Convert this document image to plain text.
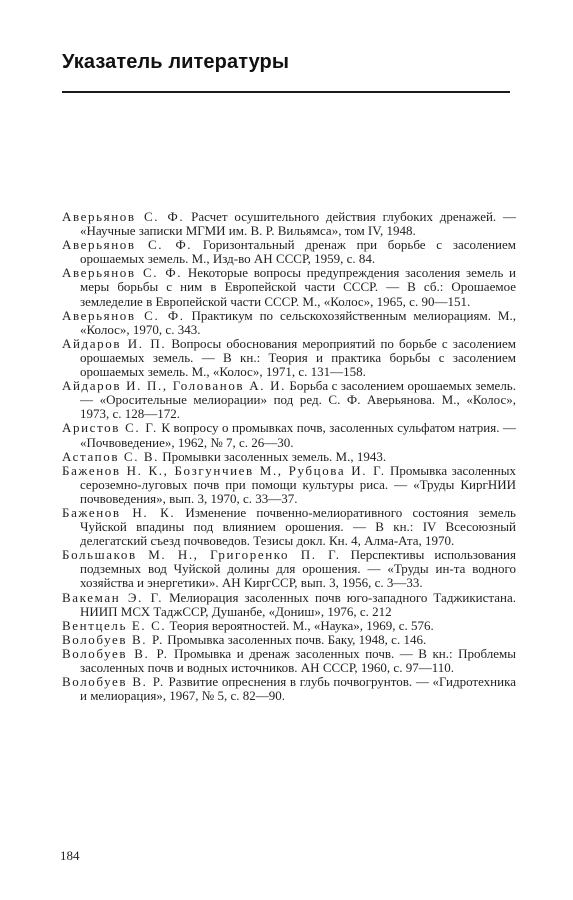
Указатель литературы

Аверьянов С. Ф. Расчет осушительного действия глубоких дренажей. — «Научные записки МГМИ им. В. Р. Вильямса», том IV, 1948.

Аверьянов С. Ф. Горизонтальный дренаж при борьбе с засолением орошаемых земель. М., Изд-во АН СССР, 1959, с. 84.

Аверьянов С. Ф. Некоторые вопросы предупреждения засоления земель и меры борьбы с ним в Европейской части СССР. — В сб.: Орошаемое земледелие в Европейской части СССР. М., «Колос», 1965, с. 90—151.

Аверьянов С. Ф. Практикум по сельскохозяйственным мелиорациям. М., «Колос», 1970, с. 343.

Айдаров И. П. Вопросы обоснования мероприятий по борьбе с засолением орошаемых земель. — В кн.: Теория и практика борьбы с засолением орошаемых земель. М., «Колос», 1971, с. 131—158.

Айдаров И. П., Голованов А. И. Борьба с засолением орошаемых земель. — «Оросительные мелиорации» под ред. С. Ф. Аверьянова. М., «Колос», 1973, с. 128—172.

Аристов С. Г. К вопросу о промывках почв, засоленных сульфатом натрия. — «Почвоведение», 1962, № 7, с. 26—30.

Астапов С. В. Промывки засоленных земель. М., 1943.

Баженов Н. К., Бозгунчиев М., Рубцова И. Г. Промывка засоленных сероземно-луговых почв при помощи культуры риса. — «Труды КиргНИИ почвоведения», вып. 3, 1970, с. 33—37.

Баженов Н. К. Изменение почвенно-мелиоративного состояния земель Чуйской впадины под влиянием орошения. — В кн.: IV Всесоюзный делегатский съезд почвоведов. Тезисы докл. Кн. 4, Алма-Ата, 1970.

Большаков М. Н., Григоренко П. Г. Перспективы использования подземных вод Чуйской долины для орошения. — «Труды ин-та водного хозяйства и энергетики». АН КиргССР, вып. 3, 1956, с. 3—33.

Вакеман Э. Г. Мелиорация засоленных почв юго-западного Таджикистана. НИИП МСХ ТаджССР, Душанбе, «Дониш», 1976, с. 212

Вентцель Е. С. Теория вероятностей. М., «Наука», 1969, с. 576.

Волобуев В. Р. Промывка засоленных почв. Баку, 1948, с. 146.

Волобуев В. Р. Промывка и дренаж засоленных почв. — В кн.: Проблемы засоленных почв и водных источников. АН СССР, 1960, с. 97—110.

Волобуев В. Р. Развитие опреснения в глубь почвогрунтов. — «Гидротехника и мелиорация», 1967, № 5, с. 82—90.

184
